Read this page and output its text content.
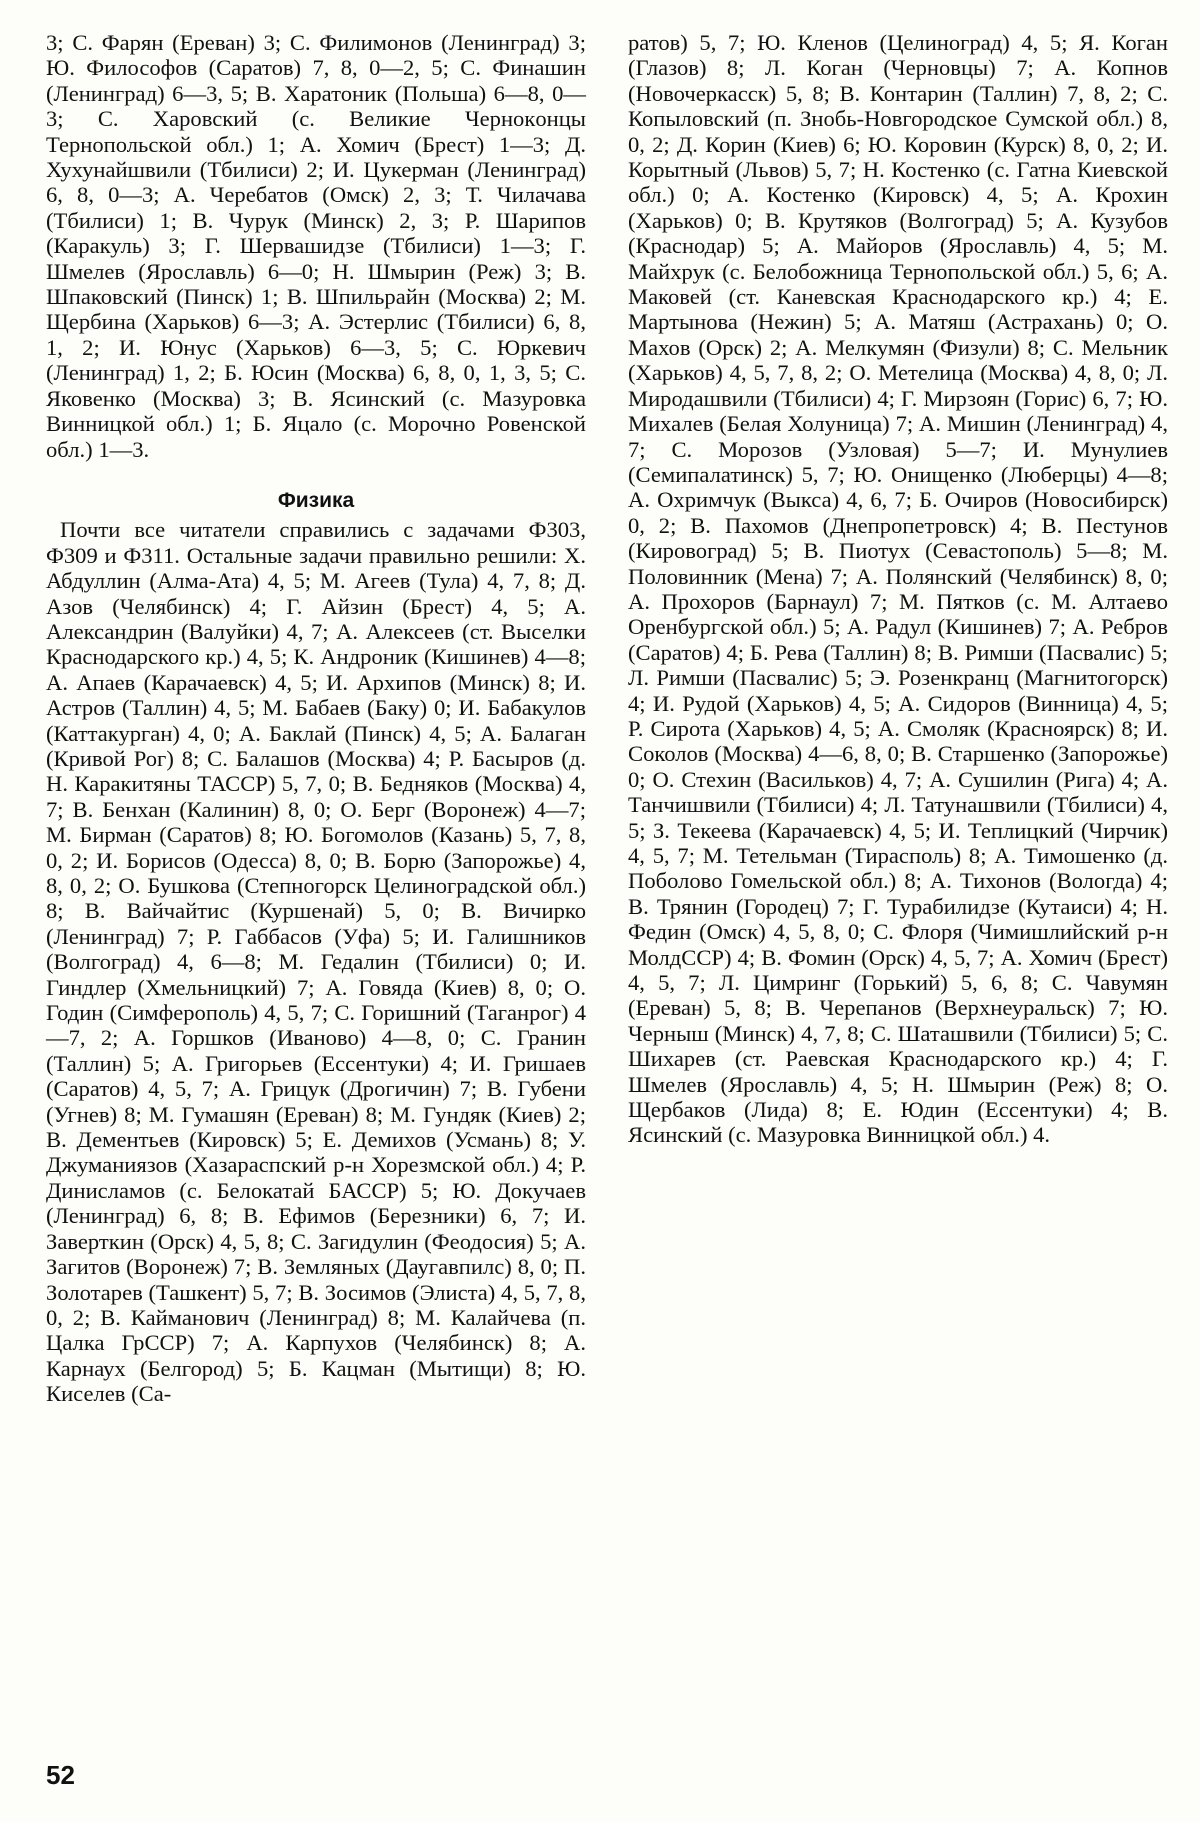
3; С. Фарян (Ереван) 3; С. Филимонов (Ленинград) 3; Ю. Философов (Саратов) 7, 8, 0—2, 5; С. Финашин (Ленинград) 6—3, 5; В. Харатоник (Польша) 6—8, 0—3; С. Харовский (с. Великие Чернокoнцы Тернопольской обл.) 1; А. Хомич (Брест) 1—3; Д. Хухунайшвили (Тбилиси) 2; И. Цукерман (Ленинград) 6, 8, 0—3; А. Черебатов (Омск) 2, 3; Т. Чилачава (Тбилиси) 1; В. Чурук (Минск) 2, 3; Р. Шарипов (Каракуль) 3; Г. Шервашидзе (Тбилиси) 1—3; Г. Шмелев (Ярославль) 6—0; Н. Шмырин (Реж) 3; В. Шпаковский (Пинск) 1; В. Шпильрайн (Москва) 2; М. Щербина (Харьков) 6—3; А. Эстерлис (Тбилиси) 6, 8, 1, 2; И. Юнус (Харьков) 6—3, 5; С. Юркевич (Ленинград) 1, 2; Б. Юсин (Москва) 6, 8, 0, 1, 3, 5; С. Яковенко (Москва) 3; В. Ясинский (с. Мазуровка Винницкой обл.) 1; Б. Яцало (с. Морочно Ровенской обл.) 1—3.

Физика

Почти все читатели справились с задачами Ф303, Ф309 и Ф311. Остальные задачи правильно решили: Х. Абдуллин (Алма-Ата) 4, 5; М. Агеев (Тула) 4, 7, 8; Д. Азов (Челябинск) 4; Г. Айзин (Брест) 4, 5; А. Александрин (Валуйки) 4, 7; А. Алексеев (ст. Выселки Краснодарского кр.) 4, 5; К. Андроник (Кишинев) 4—8; А. Апаев (Карачаевск) 4, 5; И. Архипов (Минск) 8; И. Астров (Таллин) 4, 5; М. Бабаев (Баку) 0; И. Бабакулов (Каттакурган) 4, 0; А. Баклай (Пинск) 4, 5; А. Балаган (Кривой Рог) 8; С. Балашов (Москва) 4; Р. Басыров (д. Н. Каракитяны ТАССР) 5, 7, 0; В. Бедняков (Москва) 4, 7; В. Бенхан (Калинин) 8, 0; О. Берг (Воронеж) 4—7; М. Бирман (Саратов) 8; Ю. Богомолов (Казань) 5, 7, 8, 0, 2; И. Борисов (Одесса) 8, 0; В. Борю (Запорожье) 4, 8, 0, 2; О. Бушкова (Степногорск Целиноградской обл.) 8; В. Вайчайтис (Куршенай) 5, 0; В. Вичирко (Ленинград) 7; Р. Габбасов (Уфа) 5; И. Галишников (Волгоград) 4, 6—8; М. Гедалин (Тбилиси) 0; И. Гиндлер (Хмельницкий) 7; А. Говяда (Киев) 8, 0; О. Годин (Симферополь) 4, 5, 7; С. Горишний (Таганрог) 4—7, 2; А. Горшков (Иваново) 4—8, 0; С. Гранин (Таллин) 5; А. Григорьев (Ессентуки) 4; И. Гришаев (Саратов) 4, 5, 7; А. Грицук (Дрогичин) 7; В. Губени (Угнев) 8; М. Гумашян (Ереван) 8; М. Гундяк (Киев) 2; В. Дементьев (Кировск) 5; Е. Демихов (Усмань) 8; У. Джуманиязов (Хазараспский р-н Хорезмской обл.) 4; Р. Динисламов (с. Белокатай БАССР) 5; Ю. Докучаев (Ленинград) 6, 8; В. Ефимов (Березники) 6, 7; И. Заверткин (Орск) 4, 5, 8; С. Загидулин (Феодосия) 5; А. Загитов (Воронеж) 7; В. Земляных (Даугавпилс) 8, 0; П. Золотарев (Ташкент) 5, 7; В. Зосимов (Элиста) 4, 5, 7, 8, 0, 2; В. Кайманович (Ленинград) 8; М. Калайчева (п. Цалка ГрССР) 7; А. Карпухов (Челябинск) 8; А. Карнаух (Белгород) 5; Б. Кацман (Мытищи) 8; Ю. Киселев (Са-

ратов) 5, 7; Ю. Кленов (Целиноград) 4, 5; Я. Коган (Глазов) 8; Л. Коган (Черновцы) 7; А. Копнов (Новочеркасск) 5, 8; В. Контарин (Таллин) 7, 8, 2; С. Копыловский (п. Знобь-Новгородское Сумской обл.) 8, 0, 2; Д. Корин (Киев) 6; Ю. Коровин (Курск) 8, 0, 2; И. Корытный (Львов) 5, 7; Н. Костенко (с. Гатна Киевской обл.) 0; А. Костенко (Кировск) 4, 5; А. Крохин (Харьков) 0; В. Крутяков (Волгоград) 5; А. Кузубов (Краснодар) 5; А. Майоров (Ярославль) 4, 5; М. Майхрук (с. Белобожница Тернопольской обл.) 5, 6; А. Маковей (ст. Каневская Краснодарского кр.) 4; Е. Мартынова (Нежин) 5; А. Матяш (Астрахань) 0; О. Махов (Орск) 2; А. Мелкумян (Физули) 8; С. Мельник (Харьков) 4, 5, 7, 8, 2; О. Метелица (Москва) 4, 8, 0; Л. Миродашвили (Тбилиси) 4; Г. Мирзоян (Горис) 6, 7; Ю. Михалев (Белая Холуница) 7; А. Мишин (Ленинград) 4, 7; С. Морозов (Узловая) 5—7; И. Мунулиев (Семипалатинск) 5, 7; Ю. Онищенко (Люберцы) 4—8; А. Охримчук (Выкса) 4, 6, 7; Б. Очиров (Новосибирск) 0, 2; В. Пахомов (Днепропетровск) 4; В. Пестунов (Кировоград) 5; В. Пиотух (Севастополь) 5—8; М. Половинник (Мена) 7; А. Полянский (Челябинск) 8, 0; А. Прохоров (Барнаул) 7; М. Пятков (с. М. Алтаево Оренбургской обл.) 5; А. Радул (Кишинев) 7; А. Ребров (Саратов) 4; Б. Рева (Таллин) 8; В. Римши (Пасвалис) 5; Л. Римши (Пасвалис) 5; Э. Розенкранц (Магнитогорск) 4; И. Рудой (Харьков) 4, 5; А. Сидоров (Винница) 4, 5; Р. Сирота (Харьков) 4, 5; А. Смоляк (Красноярск) 8; И. Соколов (Москва) 4—6, 8, 0; В. Старшенко (Запорожье) 0; О. Стехин (Васильков) 4, 7; А. Сушилин (Рига) 4; А. Танчишвили (Тбилиси) 4; Л. Татунашвили (Тбилиси) 4, 5; З. Текеева (Карачаевск) 4, 5; И. Теплицкий (Чирчик) 4, 5, 7; М. Тетельман (Тирасполь) 8; А. Тимошенко (д. Поболово Гомельской обл.) 8; А. Тихонов (Вологда) 4; В. Трянин (Городец) 7; Г. Турабилидзе (Кутаиси) 4; Н. Федин (Омск) 4, 5, 8, 0; С. Флоря (Чимишлийский р-н МолдССР) 4; В. Фомин (Орск) 4, 5, 7; А. Хомич (Брест) 4, 5, 7; Л. Цимринг (Горький) 5, 6, 8; С. Чавумян (Ереван) 5, 8; В. Черепанов (Верхнеуральск) 7; Ю. Черныш (Минск) 4, 7, 8; С. Шаташвили (Тбилиси) 5; С. Шихарев (ст. Раевская Краснодарского кр.) 4; Г. Шмелев (Ярославль) 4, 5; Н. Шмырин (Реж) 8; О. Щербаков (Лида) 8; Е. Юдин (Ессентуки) 4; В. Ясинский (с. Мазуровка Винницкой обл.) 4.

52
